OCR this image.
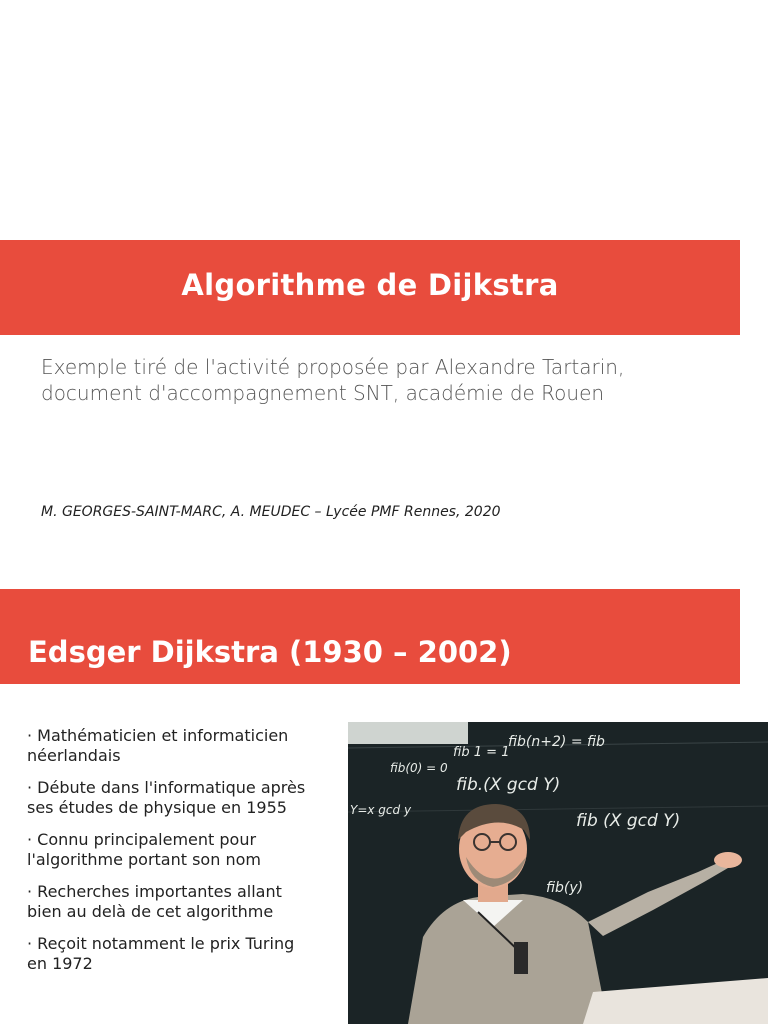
Algorithme de Dijkstra
Exemple tiré de l'activité proposée par Alexandre Tartarin,
document d'accompagnement SNT, académie de Rouen
M. GEORGES-SAINT-MARC, A. MEUDEC – Lycée PMF Rennes, 2020
Edsger Dijkstra (1930 – 2002)
· Mathématicien et informaticien
néerlandais
· Débute dans l'informatique après
ses études de physique en 1955
· Connu principalement pour
l'algorithme portant son nom
· Recherches importantes allant
bien au delà de cet algorithme
· Reçoit notamment le prix Turing
en 1972
fib(n+2) = fib
fib(0) = 0
fib 1 = 1
fib.(X gcd Y)
Y=x gcd y
fib (X gcd Y)
fib(y)
